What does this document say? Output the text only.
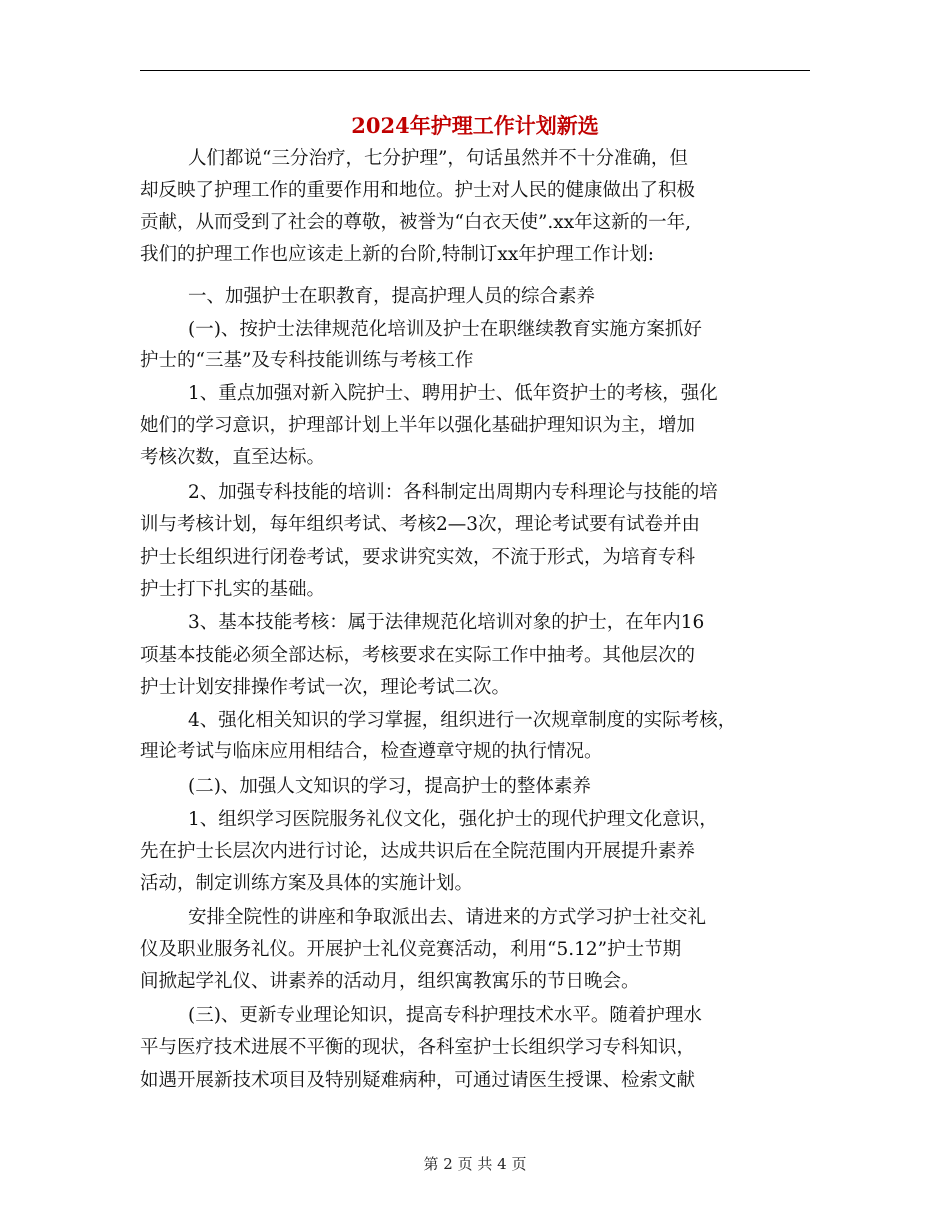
2024年护理工作计划新选
人们都说“三分治疗，七分护理”，句话虽然并不十分准确，但
却反映了护理工作的重要作用和地位。护士对人民的健康做出了积极
贡献，从而受到了社会的尊敬，被誉为“白衣天使”.xx年这新的一年,
我们的护理工作也应该走上新的台阶,特制订xx年护理工作计划:
一、加强护士在职教育，提高护理人员的综合素养
(一)、按护士法律规范化培训及护士在职继续教育实施方案抓好
护士的“三基”及专科技能训练与考核工作
1、重点加强对新入院护士、聘用护士、低年资护士的考核，强化
她们的学习意识，护理部计划上半年以强化基础护理知识为主，增加
考核次数，直至达标。
2、加强专科技能的培训：各科制定出周期内专科理论与技能的培
训与考核计划，每年组织考试、考核2—3次，理论考试要有试卷并由
护士长组织进行闭卷考试，要求讲究实效，不流于形式，为培育专科
护士打下扎实的基础。
3、基本技能考核：属于法律规范化培训对象的护士，在年内16
项基本技能必须全部达标，考核要求在实际工作中抽考。其他层次的
护士计划安排操作考试一次，理论考试二次。
4、强化相关知识的学习掌握，组织进行一次规章制度的实际考核，
理论考试与临床应用相结合，检查遵章守规的执行情况。
(二)、加强人文知识的学习，提高护士的整体素养
1、组织学习医院服务礼仪文化，强化护士的现代护理文化意识，
先在护士长层次内进行讨论，达成共识后在全院范围内开展提升素养
活动，制定训练方案及具体的实施计划。
安排全院性的讲座和争取派出去、请进来的方式学习护士社交礼
仪及职业服务礼仪。开展护士礼仪竞赛活动，利用“5.12”护士节期
间掀起学礼仪、讲素养的活动月，组织寓教寓乐的节日晚会。
(三)、更新专业理论知识，提高专科护理技术水平。随着护理水
平与医疗技术进展不平衡的现状，各科室护士长组织学习专科知识，
如遇开展新技术项目及特别疑难病种，可通过请医生授课、检索文献
第 2 页 共 4 页
